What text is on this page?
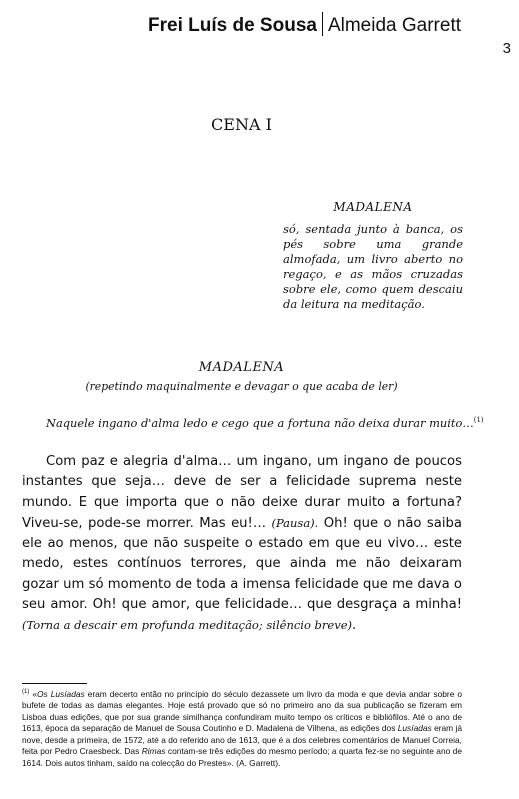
Frei Luís de Sousa Almeida Garrett
3
CENA I
MADALENA
só, sentada junto à banca, os pés sobre uma grande almofada, um livro aberto no regaço, e as mãos cruzadas sobre ele, como quem descaiu da leitura na meditação.
MADALENA
(repetindo maquinalmente e devagar o que acaba de ler)
Naquele ingano d'alma ledo e cego que a fortuna não deixa durar muito…$^{(1)}$
Com paz e alegria d'alma… um ingano, um ingano de poucos instantes que seja… deve de ser a felicidade suprema neste mundo. E que importa que o não deixe durar muito a fortuna? Viveu-se, pode-se morrer. Mas eu!… (Pausa). Oh! que o não saiba ele ao menos, que não suspeite o estado em que eu vivo… este medo, estes contínuos terrores, que ainda me não deixaram gozar um só momento de toda a imensa felicidade que me dava o seu amor. Oh! que amor, que felicidade… que desgraça a minha! (Torna a descair em profunda meditação; silêncio breve).
$^{(1)}$ «Os Lusíadas eram decerto então no princípio do século dezassete um livro da moda e que devia andar sobre o bufete de todas as damas elegantes. Hoje está provado que só no primeiro ano da sua publicação se fizeram em Lisboa duas edições, que por sua grande similhança confundiram muito tempo os críticos e bibliófilos. Até o ano de 1613, época da separação de Manuel de Sousa Coutinho e D. Madalena de Vilhena, as edições dos Lusíadas eram já nove, desde a primeira, de 1572, até a do referido ano de 1613, que é a dos celebres comentários de Manuel Correia, feita por Pedro Craesbeck. Das Rimas contam-se três edições do mesmo período; a quarta fez-se no seguinte ano de 1614. Dois autos tinham, saído na colecção do Prestes». (A. Garrett).
